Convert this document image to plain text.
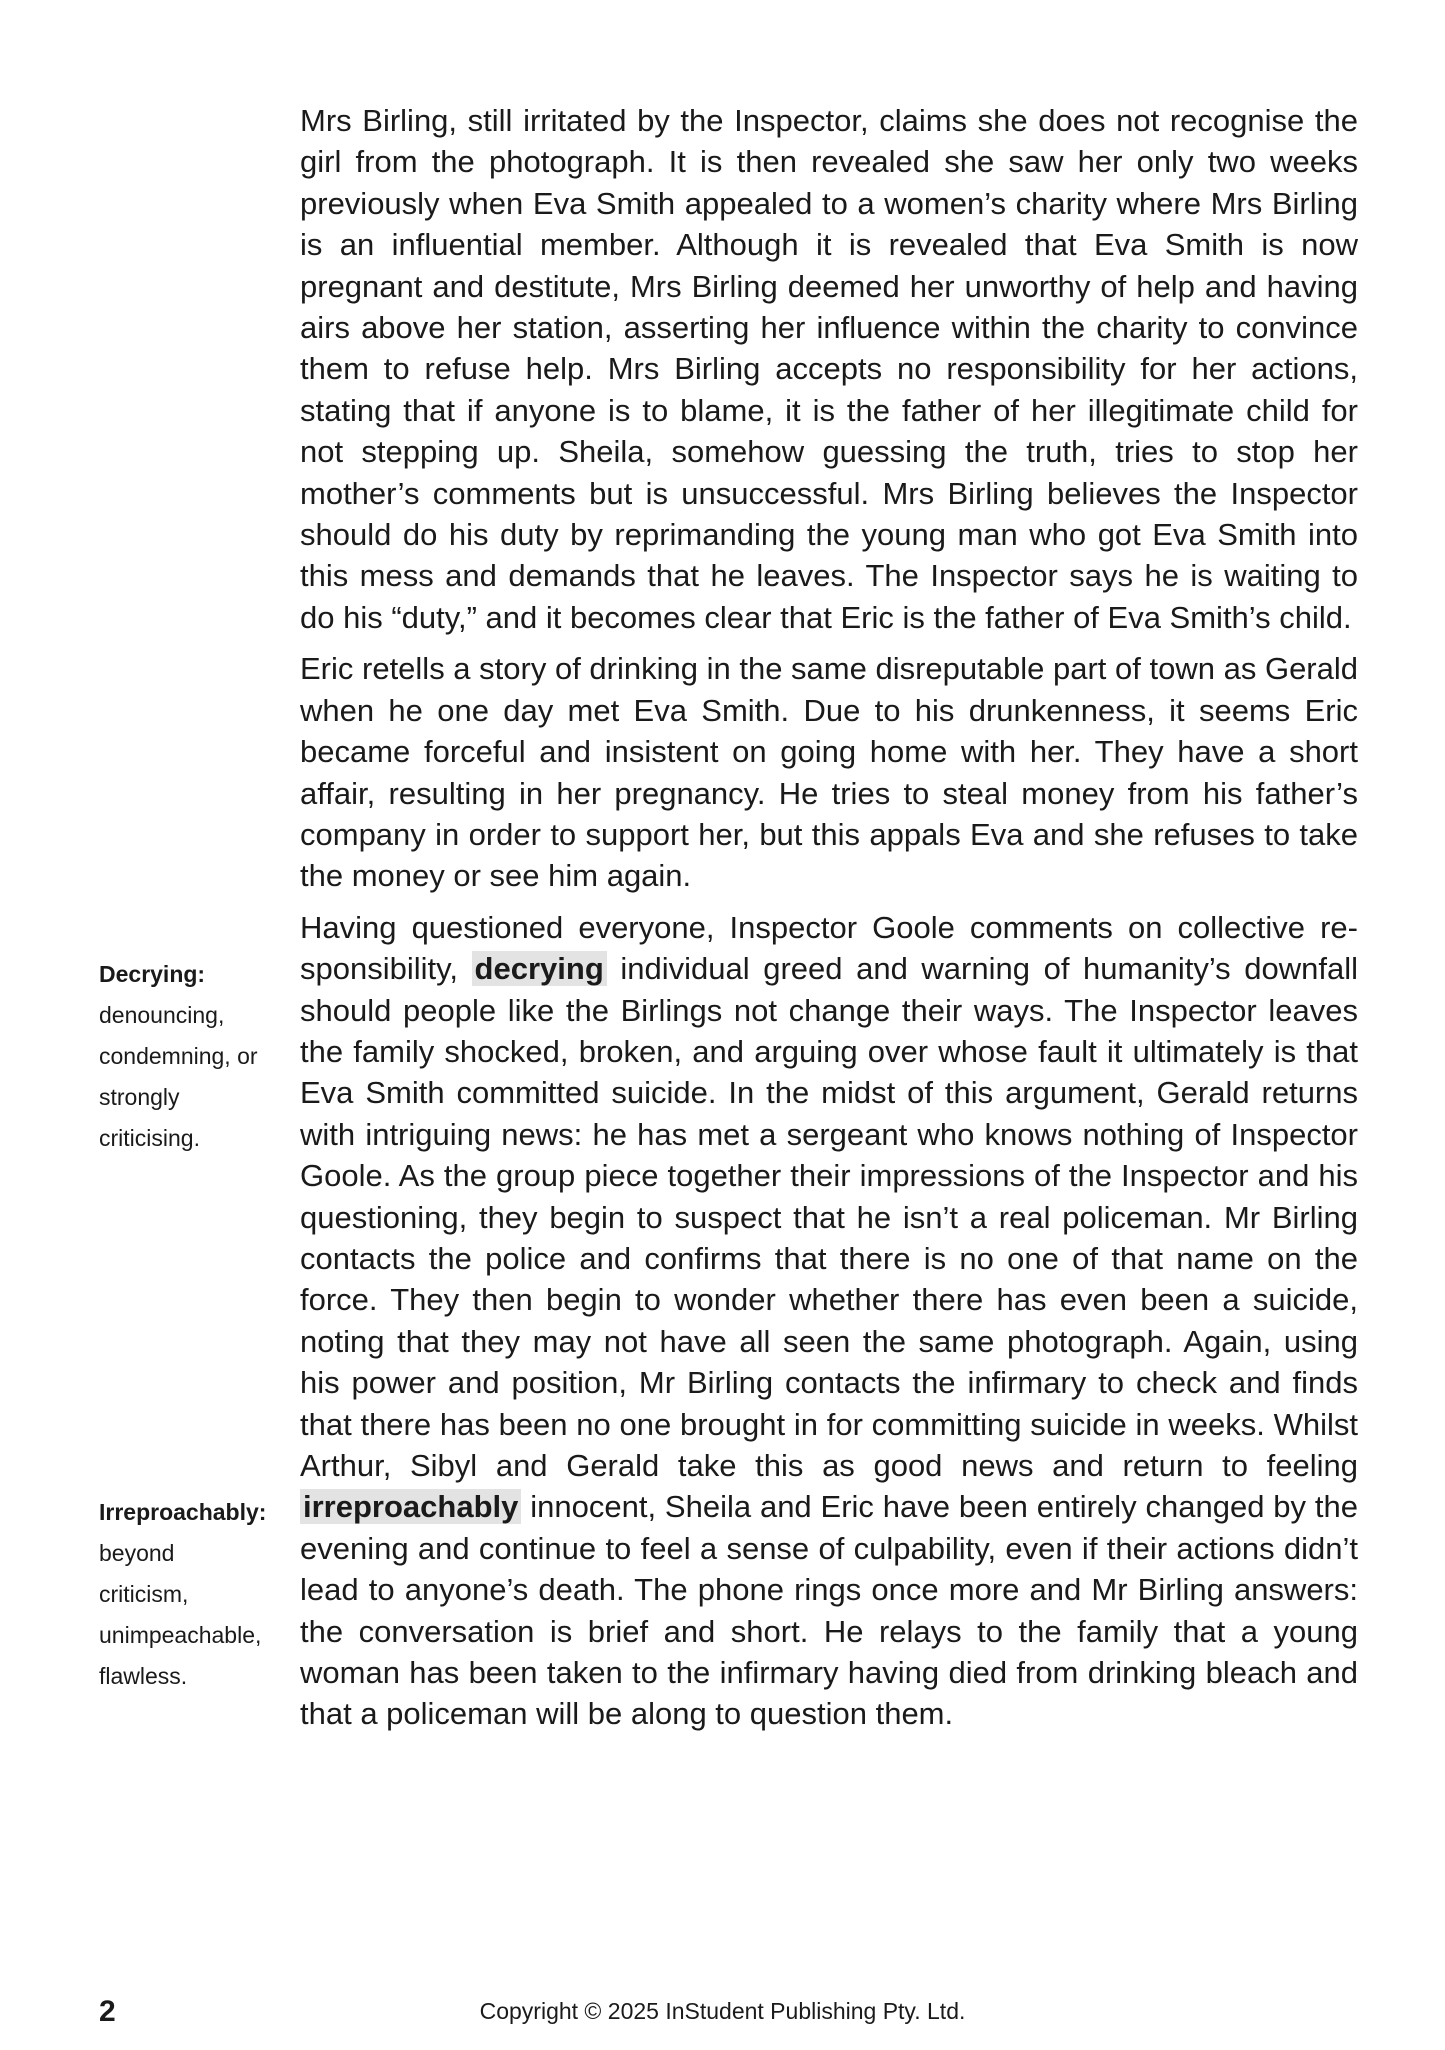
Mrs Birling, still irritated by the Inspector, claims she does not recognise the girl from the photograph. It is then revealed she saw her only two weeks previously when Eva Smith appealed to a women’s charity where Mrs Birling is an influential member. Although it is revealed that Eva Smith is now pregnant and destitute, Mrs Birling deemed her unworthy of help and having airs above her station, asserting her influence within the charity to convince them to refuse help. Mrs Birling accepts no responsibility for her actions, stating that if anyone is to blame, it is the father of her illegitimate child for not stepping up. Sheila, somehow guessing the truth, tries to stop her mother’s comments but is unsuccessful. Mrs Birling believes the Inspector should do his duty by reprimanding the young man who got Eva Smith into this mess and demands that he leaves. The Inspector says he is waiting to do his “duty,” and it becomes clear that Eric is the father of Eva Smith’s child.

Eric retells a story of drinking in the same disreputable part of town as Gerald when he one day met Eva Smith. Due to his drunkenness, it seems Eric became forceful and insistent on going home with her. They have a short affair, resulting in her pregnancy. He tries to steal money from his father’s company in order to support her, but this appals Eva and she refuses to take the money or see him again.

Having questioned everyone, Inspector Goole comments on collective responsibility, decrying individual greed and warning of humanity’s downfall should people like the Birlings not change their ways. The Inspector leaves the family shocked, broken, and arguing over whose fault it ultimately is that Eva Smith committed suicide. In the midst of this argument, Gerald returns with intriguing news: he has met a sergeant who knows nothing of Inspector Goole. As the group piece together their impressions of the Inspector and his questioning, they begin to suspect that he isn’t a real policeman. Mr Birling contacts the police and confirms that there is no one of that name on the force. They then begin to wonder whether there has even been a suicide, noting that they may not have all seen the same photograph. Again, using his power and position, Mr Birling contacts the infirmary to check and finds that there has been no one brought in for committing suicide in weeks. Whilst Arthur, Sibyl and Gerald take this as good news and return to feeling irreproachably innocent, Sheila and Eric have been entirely changed by the evening and continue to feel a sense of culpability, even if their actions didn’t lead to anyone’s death. The phone rings once more and Mr Birling answers: the conversation is brief and short. He relays to the family that a young woman has been taken to the infirmary having died from drinking bleach and that a policeman will be along to question them.

Decrying:
denouncing,
condemning, or
strongly
criticising.
Irreproachably:
beyond
criticism,
unimpeachable,
flawless.
2	Copyright © 2025 InStudent Publishing Pty. Ltd.
